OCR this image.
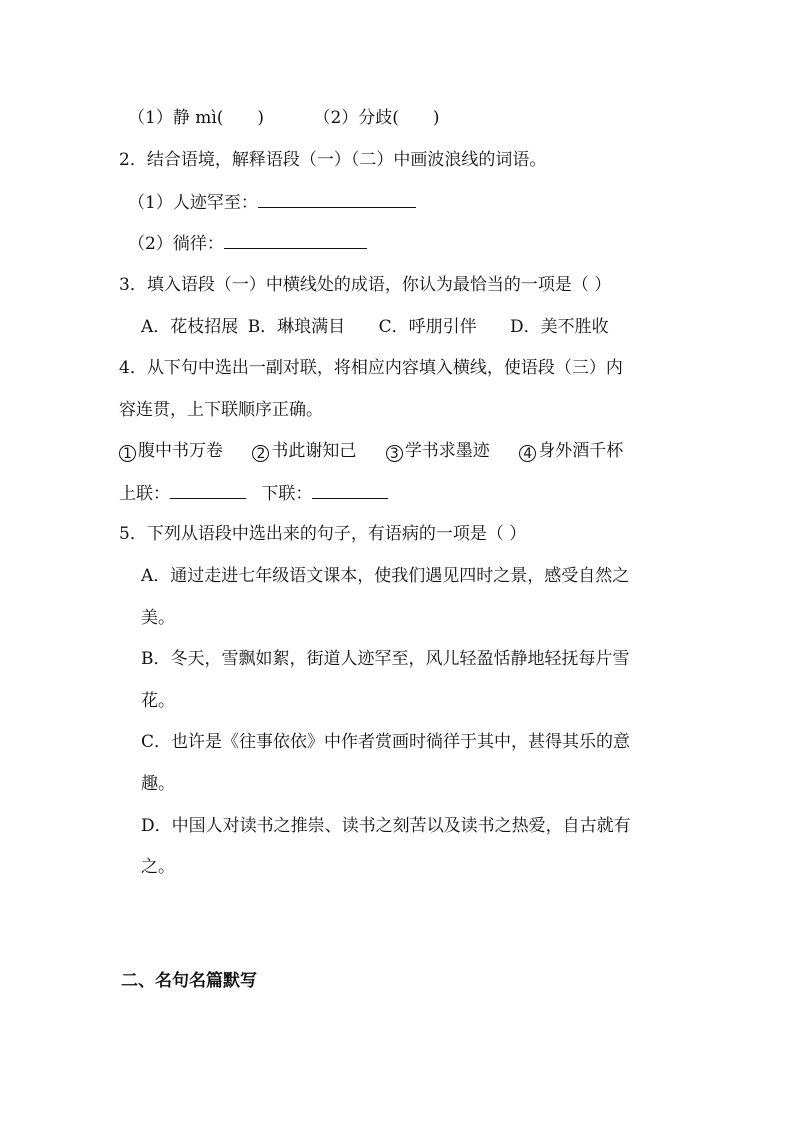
（1）静 mì(　　)	（2）分歧(　　)
2．结合语境，解释语段（一）（二）中画波浪线的词语。
（1）人迹罕至：
（2）徜徉：
3．填入语段（一）中横线处的成语，你认为最恰当的一项是（ ）
A．花枝招展 B．琳琅满目 C．呼朋引伴 D．美不胜收
4．从下句中选出一副对联，将相应内容填入横线，使语段（三）内
容连贯，上下联顺序正确。
1 腹中书万卷 2 书此谢知己 3 学书求墨迹 4 身外酒千杯
上联：	下联：
5．下列从语段中选出来的句子，有语病的一项是（ ）
A．通过走进七年级语文课本，使我们遇见四时之景，感受自然之
美。
B．冬天，雪飘如絮，街道人迹罕至，风儿轻盈恬静地轻抚每片雪
花。
C．也许是《往事依依》中作者赏画时徜徉于其中，甚得其乐的意
趣。
D．中国人对读书之推崇、读书之刻苦以及读书之热爱，自古就有
之。
二、名句名篇默写
